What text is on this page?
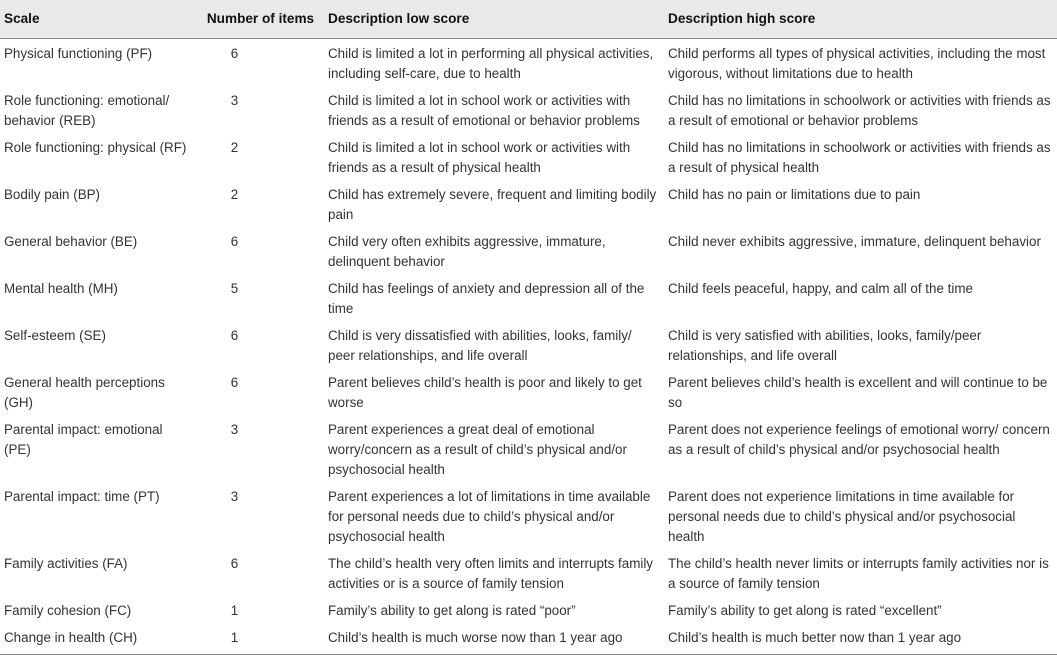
Scale	Number of items	Description low score	Description high score
Physical functioning (PF)	6	Child is limited a lot in performing all physical activities, including self-care, due to health	Child performs all types of physical activities, including the most vigorous, without limitations due to health
Role functioning: emotional/ behavior (REB)	3	Child is limited a lot in school work or activities with friends as a result of emotional or behavior problems	Child has no limitations in schoolwork or activities with friends as a result of emotional or behavior problems
Role functioning: physical (RF)	2	Child is limited a lot in school work or activities with friends as a result of physical health	Child has no limitations in schoolwork or activities with friends as a result of physical health
Bodily pain (BP)	2	Child has extremely severe, frequent and limiting bodily pain	Child has no pain or limitations due to pain
General behavior (BE)	6	Child very often exhibits aggressive, immature, delinquent behavior	Child never exhibits aggressive, immature, delinquent behavior
Mental health (MH)	5	Child has feelings of anxiety and depression all of the time	Child feels peaceful, happy, and calm all of the time
Self-esteem (SE)	6	Child is very dissatisfied with abilities, looks, family/ peer relationships, and life overall	Child is very satisfied with abilities, looks, family/peer relationships, and life overall
General health perceptions (GH)	6	Parent believes child’s health is poor and likely to get worse	Parent believes child’s health is excellent and will continue to be so
Parental impact: emotional (PE)	3	Parent experiences a great deal of emotional worry/concern as a result of child’s physical and/or psychosocial health	Parent does not experience feelings of emotional worry/ concern as a result of child’s physical and/or psychosocial health
Parental impact: time (PT)	3	Parent experiences a lot of limitations in time available for personal needs due to child’s physical and/or psychosocial health	Parent does not experience limitations in time available for personal needs due to child’s physical and/or psychosocial health
Family activities (FA)	6	The child’s health very often limits and interrupts family activities or is a source of family tension	The child’s health never limits or interrupts family activities nor is a source of family tension
Family cohesion (FC)	1	Family’s ability to get along is rated “poor”	Family’s ability to get along is rated “excellent”
Change in health (CH)	1	Child’s health is much worse now than 1 year ago	Child’s health is much better now than 1 year ago
